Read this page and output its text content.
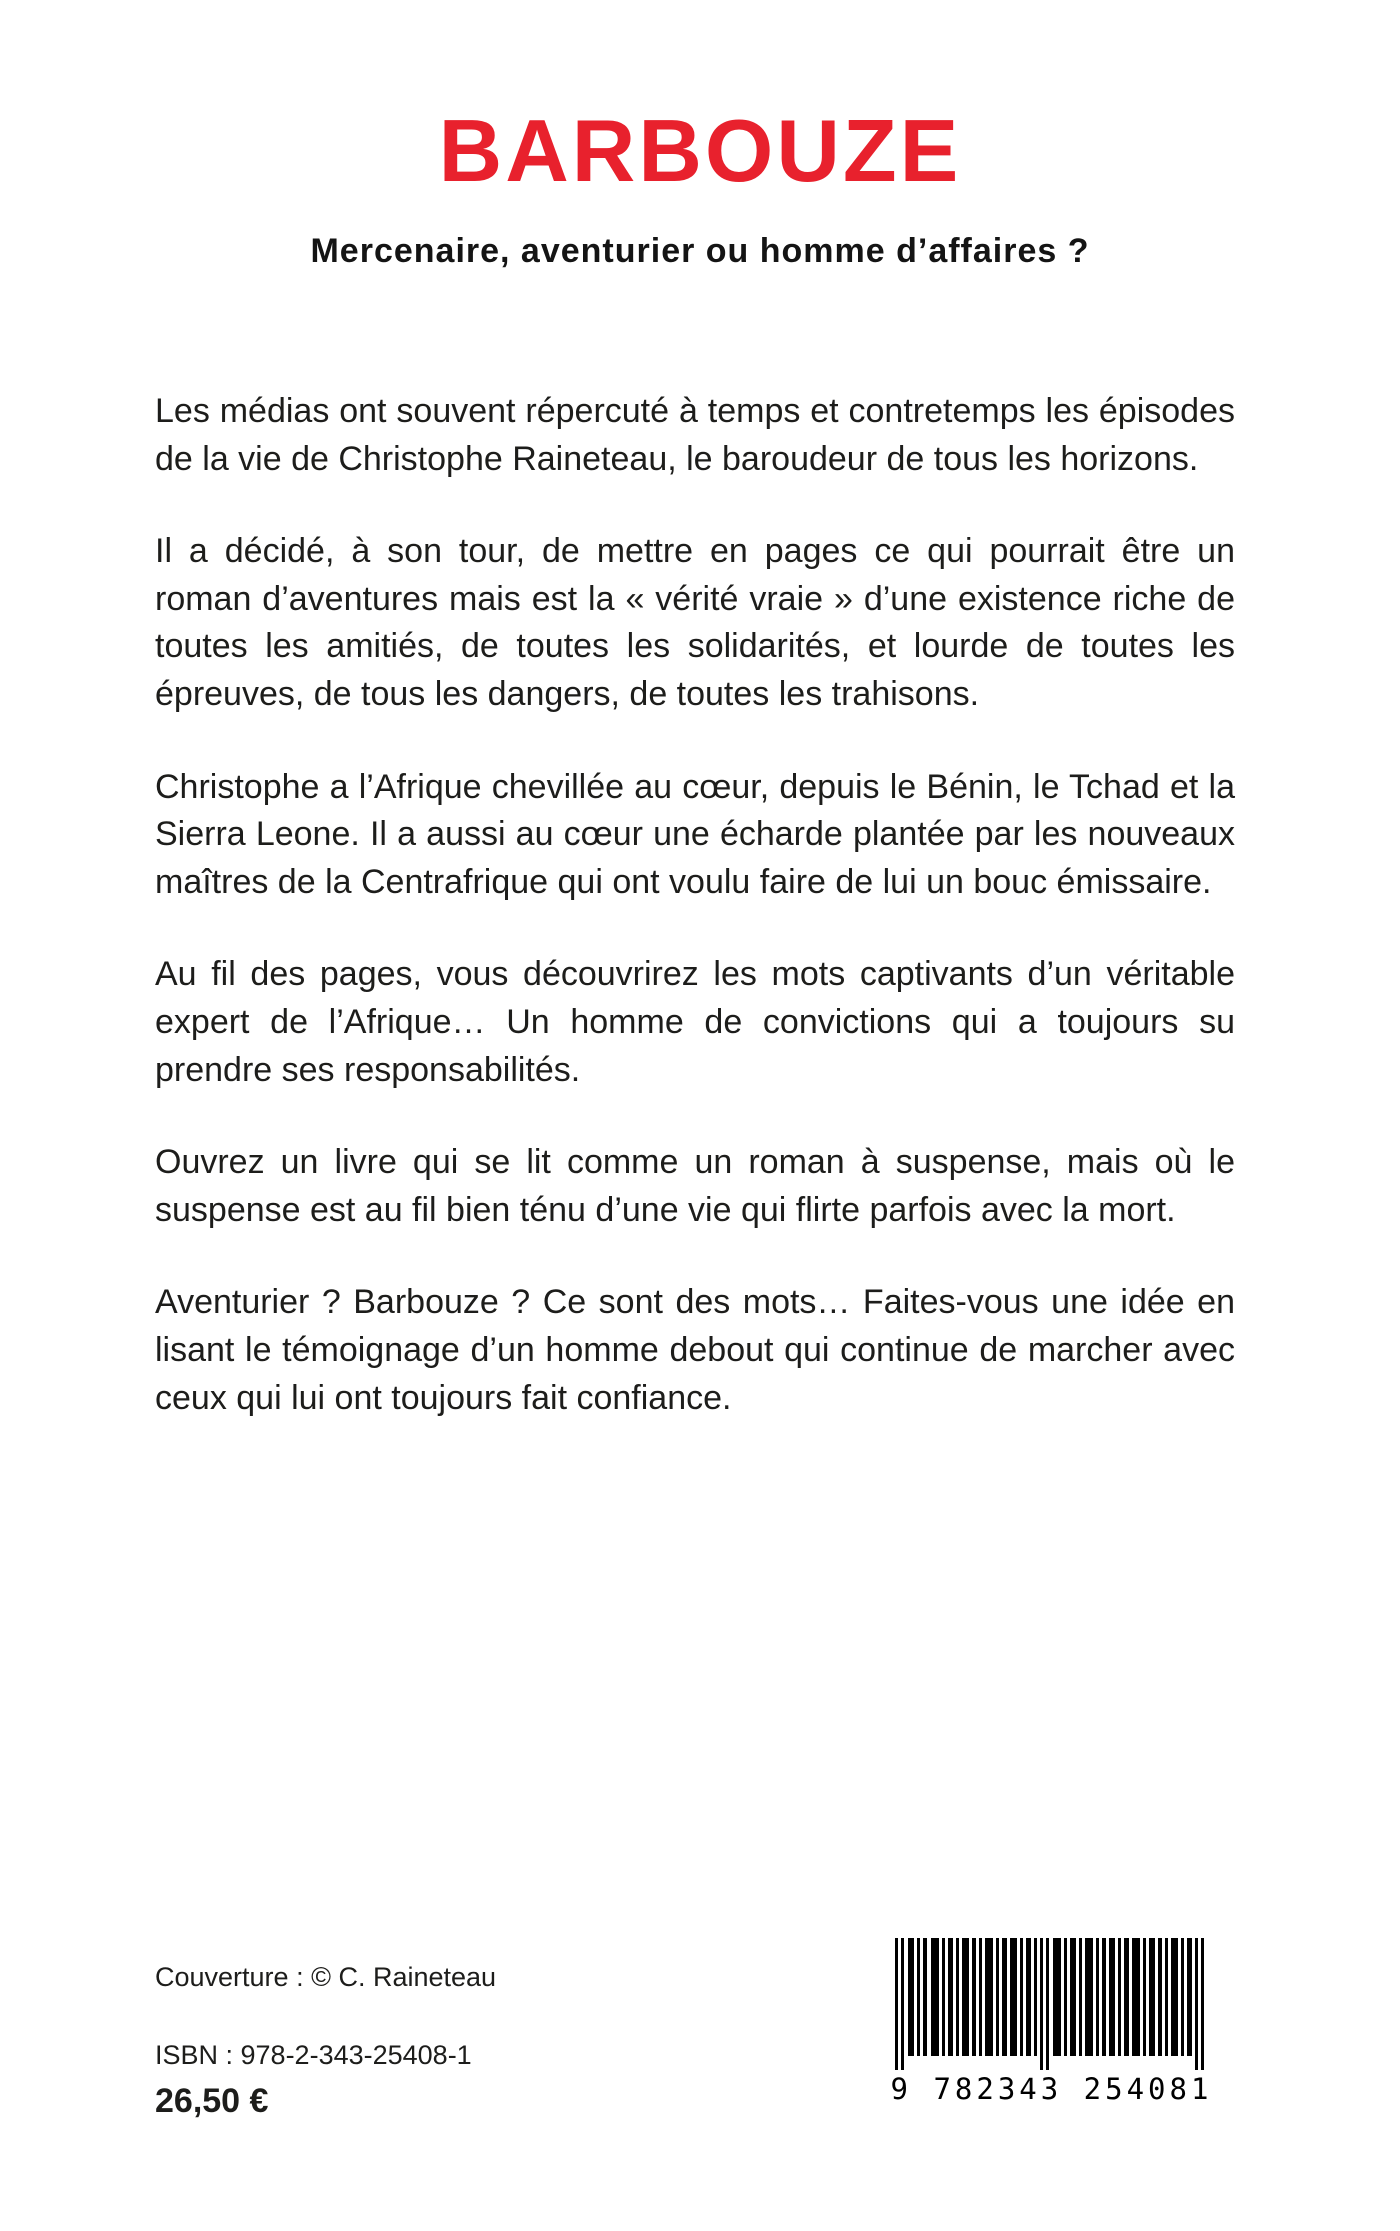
BARBOUZE
Mercenaire, aventurier ou homme d’affaires ?

Les médias ont souvent répercuté à temps et contretemps les épisodes de la vie de Christophe Raineteau, le baroudeur de tous les horizons.

Il a décidé, à son tour, de mettre en pages ce qui pourrait être un roman d’aventures mais est la « vérité vraie » d’une existence riche de toutes les amitiés, de toutes les solidarités, et lourde de toutes les épreuves, de tous les dangers, de toutes les trahisons.

Christophe a l’Afrique chevillée au cœur, depuis le Bénin, le Tchad et la Sierra Leone. Il a aussi au cœur une écharde plantée par les nouveaux maîtres de la Centrafrique qui ont voulu faire de lui un bouc émissaire.

Au fil des pages, vous découvrirez les mots captivants d’un véritable expert de l’Afrique… Un homme de convictions qui a toujours su prendre ses responsabilités.

Ouvrez un livre qui se lit comme un roman à suspense, mais où le suspense est au fil bien ténu d’une vie qui flirte parfois avec la mort.

Aventurier ? Barbouze ? Ce sont des mots… Faites-vous une idée en lisant le témoignage d’un homme debout qui continue de marcher avec ceux qui lui ont toujours fait confiance.

Couverture : © C. Raineteau
ISBN : 978-2-343-25408-1
26,50 €	9 782343 254081
